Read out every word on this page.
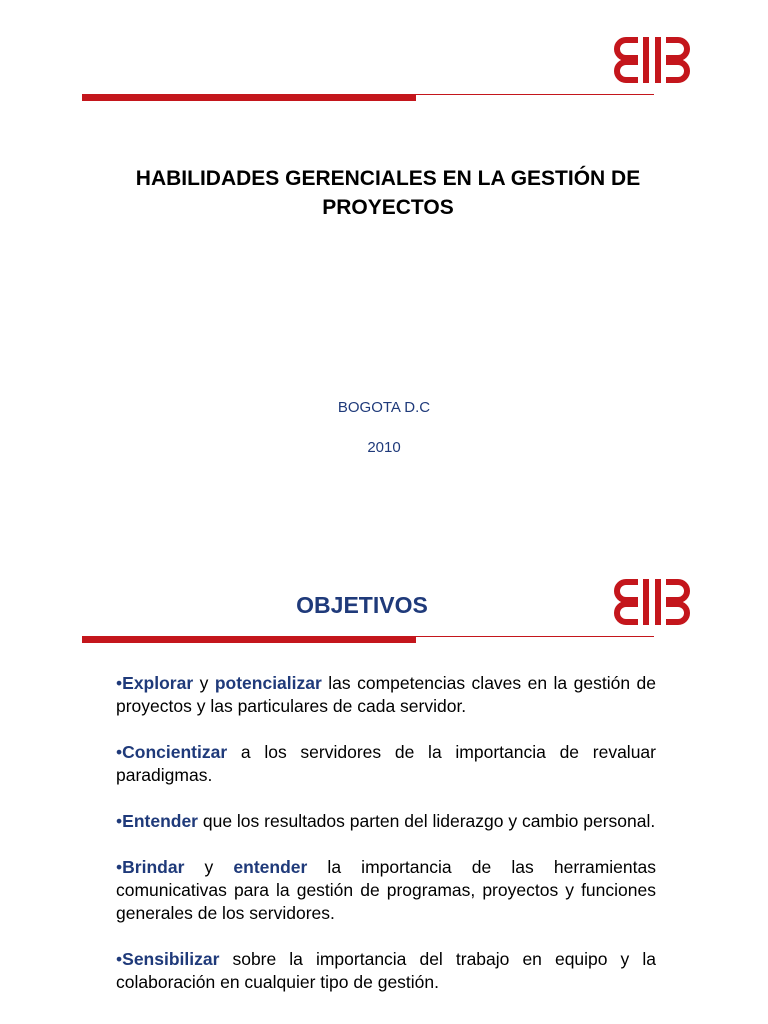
HABILIDADES GERENCIALES EN LA GESTIÓN DE PROYECTOS

BOGOTA D.C

2010

OBJETIVOS
•Explorar y potencializar las competencias claves en la gestión de proyectos y las particulares de cada servidor.
•Concientizar a los servidores de la importancia de revaluar paradigmas.
•Entender que los resultados parten del liderazgo y cambio personal.
•Brindar y entender la importancia de las herramientas comunicativas para la gestión de programas, proyectos y funciones generales de los servidores.
•Sensibilizar sobre la importancia del trabajo en equipo y la colaboración en cualquier tipo de gestión.
